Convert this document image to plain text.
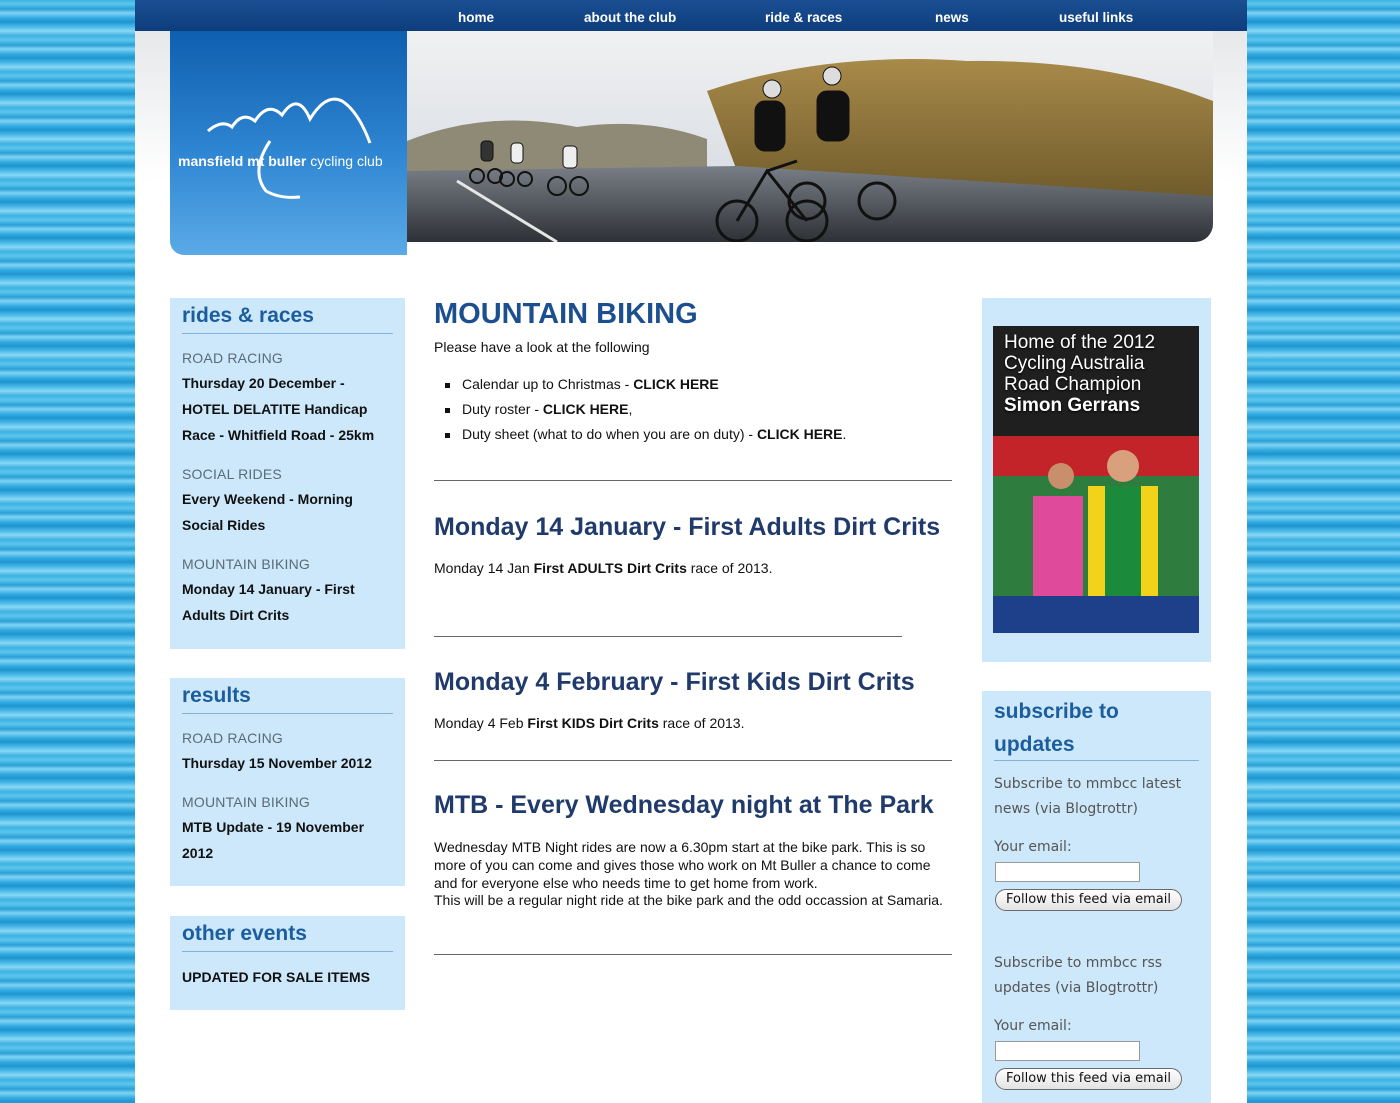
home	about the club	ride & races	news	useful links
mansfield mt buller cycling club
rides & races
ROAD RACING
Thursday 20 December - HOTEL DELATITE Handicap Race - Whitfield Road - 25km
SOCIAL RIDES
Every Weekend - Morning Social Rides
MOUNTAIN BIKING
Monday 14 January - First Adults Dirt Crits
results
ROAD RACING
Thursday 15 November 2012
MOUNTAIN BIKING
MTB Update - 19 November 2012
other events
UPDATED FOR SALE ITEMS
MOUNTAIN BIKING

Please have a look at the following

Calendar up to Christmas - CLICK HERE
Duty roster - CLICK HERE,
Duty sheet (what to do when you are on duty) - CLICK HERE.
Monday 14 January - First Adults Dirt Crits

Monday 14 Jan First ADULTS Dirt Crits race of 2013.

Monday 4 February - First Kids Dirt Crits

Monday 4 Feb First KIDS Dirt Crits race of 2013.

MTB - Every Wednesday night at The Park

Wednesday MTB Night rides are now a 6.30pm start at the bike park. This is so more of you can come and gives those who work on Mt Buller a chance to come and for everyone else who needs time to get home from work.

This will be a regular night ride at the bike park and the odd occassion at Samaria.

Home of the 2012
Cycling Australia
Road Champion
Simon Gerrans
subscribe to updates
Subscribe to mmbcc latest news (via Blogtrottr)
Your email:
Follow this feed via email
Subscribe to mmbcc rss updates (via Blogtrottr)
Your email:
Follow this feed via email
